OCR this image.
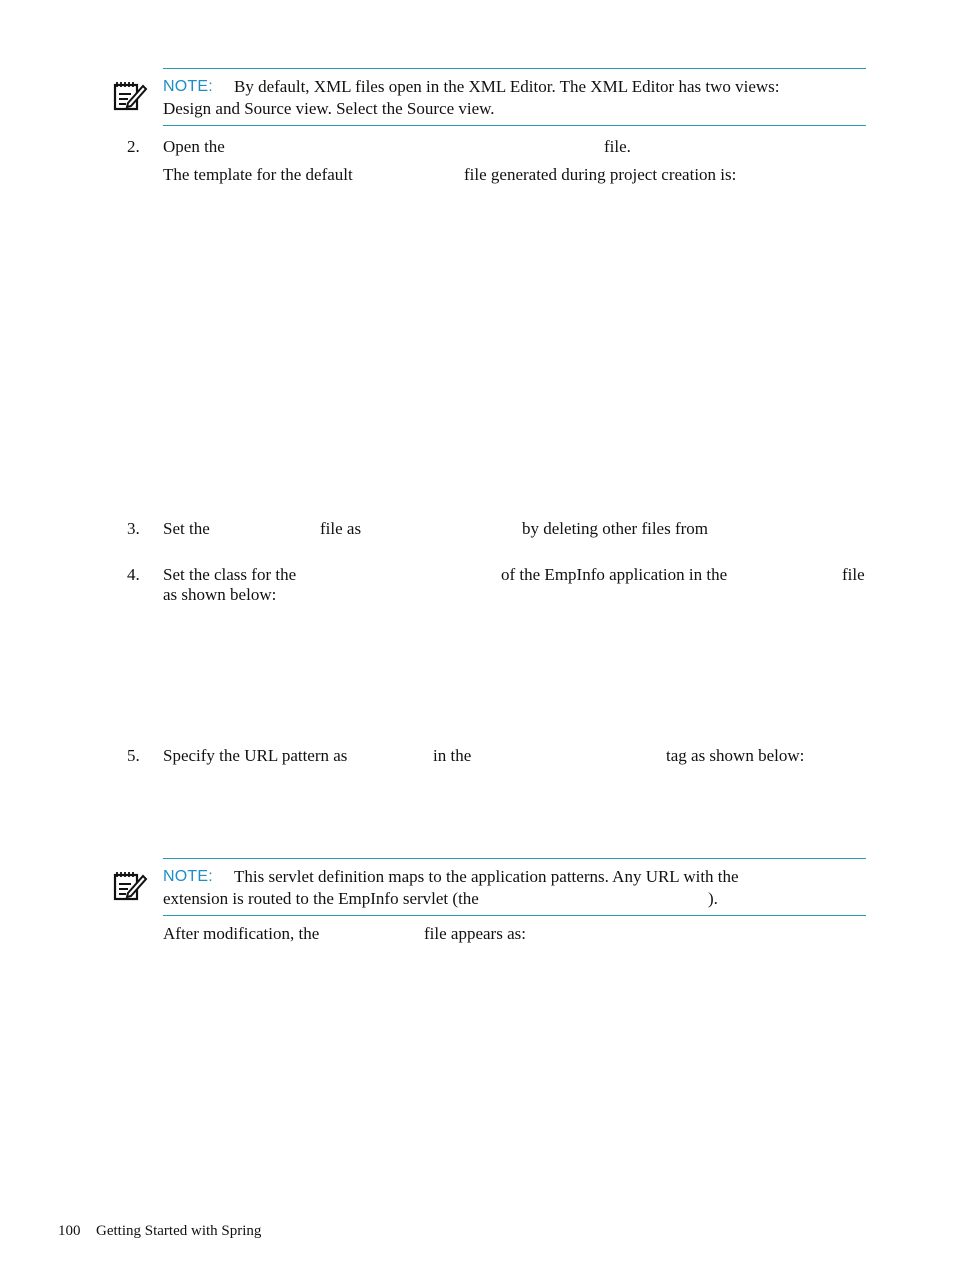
NOTE: By default, XML files open in the XML Editor. The XML Editor has two views:
Design and Source view. Select the Source view.
2. Open the	file.
The template for the default	file generated during project creation is:
3. Set the	file as	by deleting other files from
4. Set the class for the	of the EmpInfo application in the	file
as shown below:
5. Specify the URL pattern as	in the	tag as shown below:
NOTE: This servlet definition maps to the application patterns. Any URL with the
extension is routed to the EmpInfo servlet (the	).
After modification, the	file appears as:
100 Getting Started with Spring
